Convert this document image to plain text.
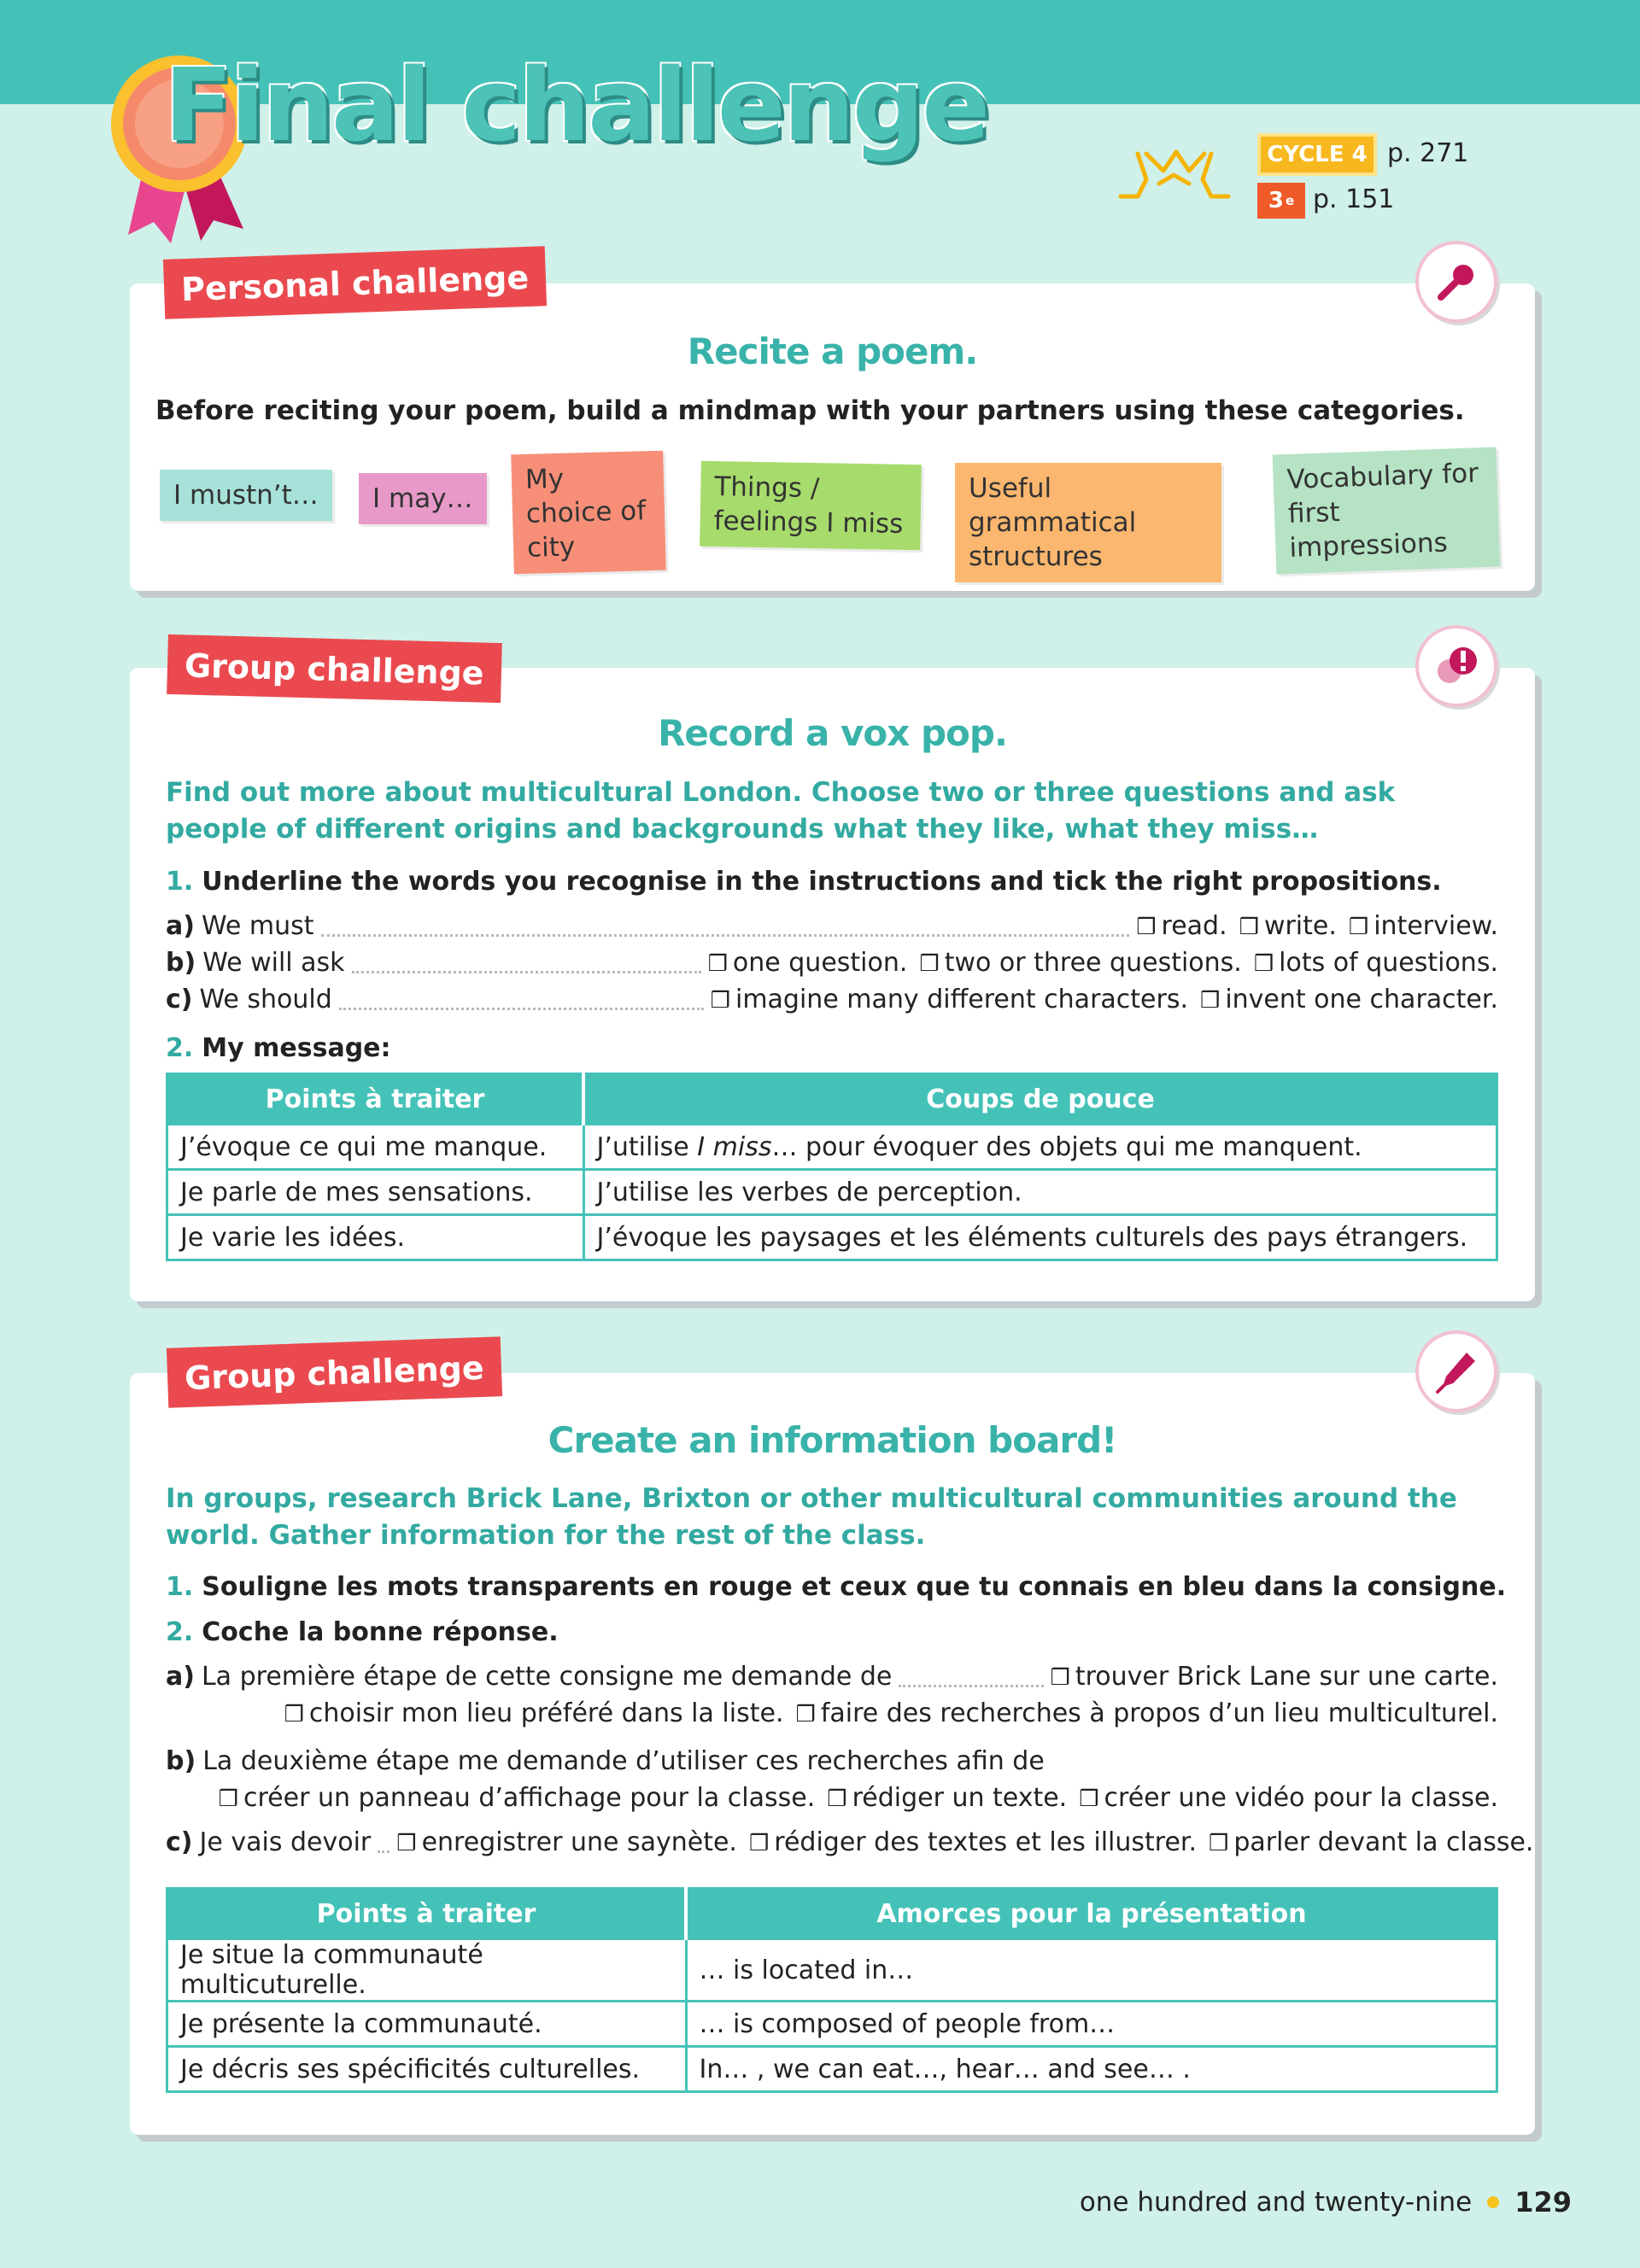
Final challenge	CYCLE 4 p. 271
3 e p. 151
Personal challenge
Recite a poem.
Before reciting your poem, build a mindmap with your partners using these categories.
I mustn’t…	I may…
My choice of city
Things / feelings I miss
Useful grammatical structures
Vocabulary for first impressions
Group challenge
Record a vox pop.
Find out more about multicultural London. Choose two or three questions and ask people of different origins and backgrounds what they like, what they miss…
1. Underline the words you recognise in the instructions and tick the right propositions.
a) We must	❒ read. ❒ write. ❒ interview.
b) We will ask	❒ one question. ❒ two or three questions. ❒ lots of questions.
c) We should	❒ imagine many different characters. ❒ invent one character.
2. My message:
Points à traiter	Coups de pouce
J’évoque ce qui me manque.	J’utilise I miss… pour évoquer des objets qui me manquent.
Je parle de mes sensations.	J’utilise les verbes de perception.
Je varie les idées.	J’évoque les paysages et les éléments culturels des pays étrangers.
Group challenge
Create an information board!
In groups, research Brick Lane, Brixton or other multicultural communities around the world. Gather information for the rest of the class.
1. Souligne les mots transparents en rouge et ceux que tu connais en bleu dans la consigne.
2. Coche la bonne réponse.
a) La première étape de cette consigne me demande de	❒ trouver Brick Lane sur une carte.
❒ choisir mon lieu préféré dans la liste. ❒ faire des recherches à propos d’un lieu multiculturel.
b) La deuxième étape me demande d’utiliser ces recherches afin de
❒ créer un panneau d’affichage pour la classe. ❒ rédiger un texte. ❒ créer une vidéo pour la classe.
c) Je vais devoir ❒ enregistrer une saynète. ❒ rédiger des textes et les illustrer. ❒ parler devant la classe.
Points à traiter	Amorces pour la présentation
Je situe la communauté multicuturelle.	… is located in…
Je présente la communauté.	… is composed of people from…
Je décris ses spécificités culturelles.	In… , we can eat…, hear… and see… .
one hundred and twenty-nine 129
